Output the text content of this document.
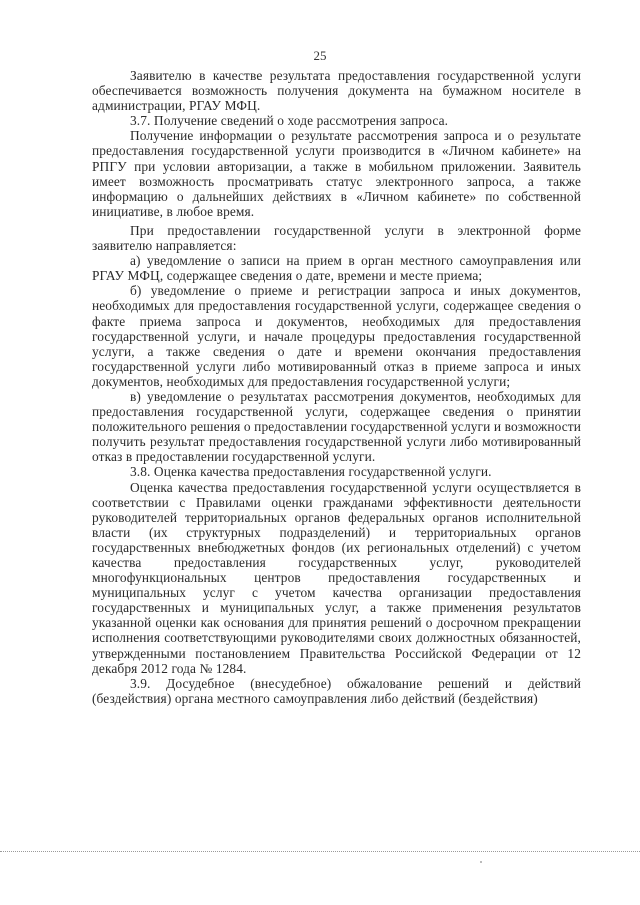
25

Заявителю в качестве результата предоставления государственной услуги обеспечивается возможность получения документа на бумажном носителе в администрации, РГАУ МФЦ.

3.7. Получение сведений о ходе рассмотрения запроса.

Получение информации о результате рассмотрения запроса и о результате предоставления государственной услуги производится в «Личном кабинете» на РПГУ при условии авторизации, а также в мобильном приложении. Заявитель имеет возможность просматривать статус электронного запроса, а также информацию о дальнейших действиях в «Личном кабинете» по собственной инициативе, в любое время.

При предоставлении государственной услуги в электронной форме заявителю направляется:

а) уведомление о записи на прием в орган местного самоуправления или РГАУ МФЦ, содержащее сведения о дате, времени и месте приема;

б) уведомление о приеме и регистрации запроса и иных документов, необходимых для предоставления государственной услуги, содержащее сведения о факте приема запроса и документов, необходимых для предоставления государственной услуги, и начале процедуры предоставления государственной услуги, а также сведения о дате и времени окончания предоставления государственной услуги либо мотивированный отказ в приеме запроса и иных документов, необходимых для предоставления государственной услуги;

в) уведомление о результатах рассмотрения документов, необходимых для предоставления государственной услуги, содержащее сведения о принятии положительного решения о предоставлении государственной услуги и возможности получить результат предоставления государственной услуги либо мотивированный отказ в предоставлении государственной услуги.

3.8. Оценка качества предоставления государственной услуги.

Оценка качества предоставления государственной услуги осуществляется в соответствии с Правилами оценки гражданами эффективности деятельности руководителей территориальных органов федеральных органов исполнительной власти (их структурных подразделений) и территориальных органов государственных внебюджетных фондов (их региональных отделений) с учетом качества предоставления государственных услуг, руководителей многофункциональных центров предоставления государственных и муниципальных услуг с учетом качества организации предоставления государственных и муниципальных услуг, а также применения результатов указанной оценки как основания для принятия решений о досрочном прекращении исполнения соответствующими руководителями своих должностных обязанностей, утвержденными постановлением Правительства Российской Федерации от 12 декабря 2012 года № 1284.

3.9. Досудебное (внесудебное) обжалование решений и действий (бездействия) органа местного самоуправления либо действий (бездействия)
